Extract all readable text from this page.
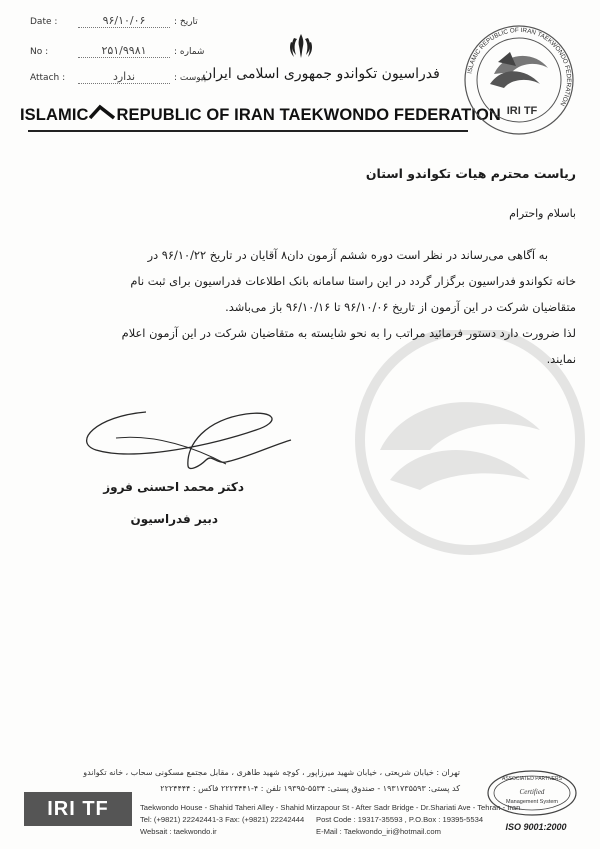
Date :	۹۶/۱۰/۰۶	تاریخ :
No :	۲۵۱/۹۹۸۱	شماره :
Attach :	ندارد	پیوست :
فدراسیون تکواندو جمهوری اسلامی ایران
ISLAMIC REPUBLIC OF IRAN TAEKWONDO FEDERATION
ISLAMIC REPUBLIC OF IRAN TAEKWONDO FEDERATION
IRI TF
ریاست محترم هیات تکواندو استان
باسلام واحترام
به آگاهی می‌رساند در نظر است دوره ششم آزمون دان۸ آقایان در تاریخ ۹۶/۱۰/۲۲ در
خانه تکواندو فدراسیون برگزار گردد در این راستا سامانه بانک اطلاعات فدراسیون برای ثبت نام
متقاضیان شرکت در این آزمون از تاریخ ۹۶/۱۰/۰۶ تا ۹۶/۱۰/۱۶ باز می‌باشد.
لذا ضرورت دارد دستور فرمائید مراتب را به نحو شایسته به متقاضیان شرکت در این آزمون اعلام
نمایند.
دکتر محمد احسنی فروز
دبیر فدراسیون
IRI TF
تهران : خیابان شریعتی ، خیابان شهید میرزاپور ، کوچه شهید طاهری ، مقابل مجتمع مسکونی سحاب ، خانه تکواندو
کد پستی: ۱۹۳۱۷۳۵۵۹۳ - صندوق پستی: ۵۵۳۴-۱۹۳۹۵ تلفن : ۴-۲۲۲۴۴۴۱ فاکس : ۲۲۲۴۴۴۴
Taekwondo House - Shahid Taheri Alley - Shahid Mirzapour St - After Sadr Bridge - Dr.Shariati Ave - Tehran - Iran
Tel: (+9821) 22242441-3 Fax: (+9821) 22242444 Post Code : 19317-35593 , P.O.Box : 19395-5534
Websait : taekwondo.ir	E-Mail : Taekwondo_iri@hotmail.com
ASSOCIATED PARTNERS
Certified
Management System
ISO 9001:2000
